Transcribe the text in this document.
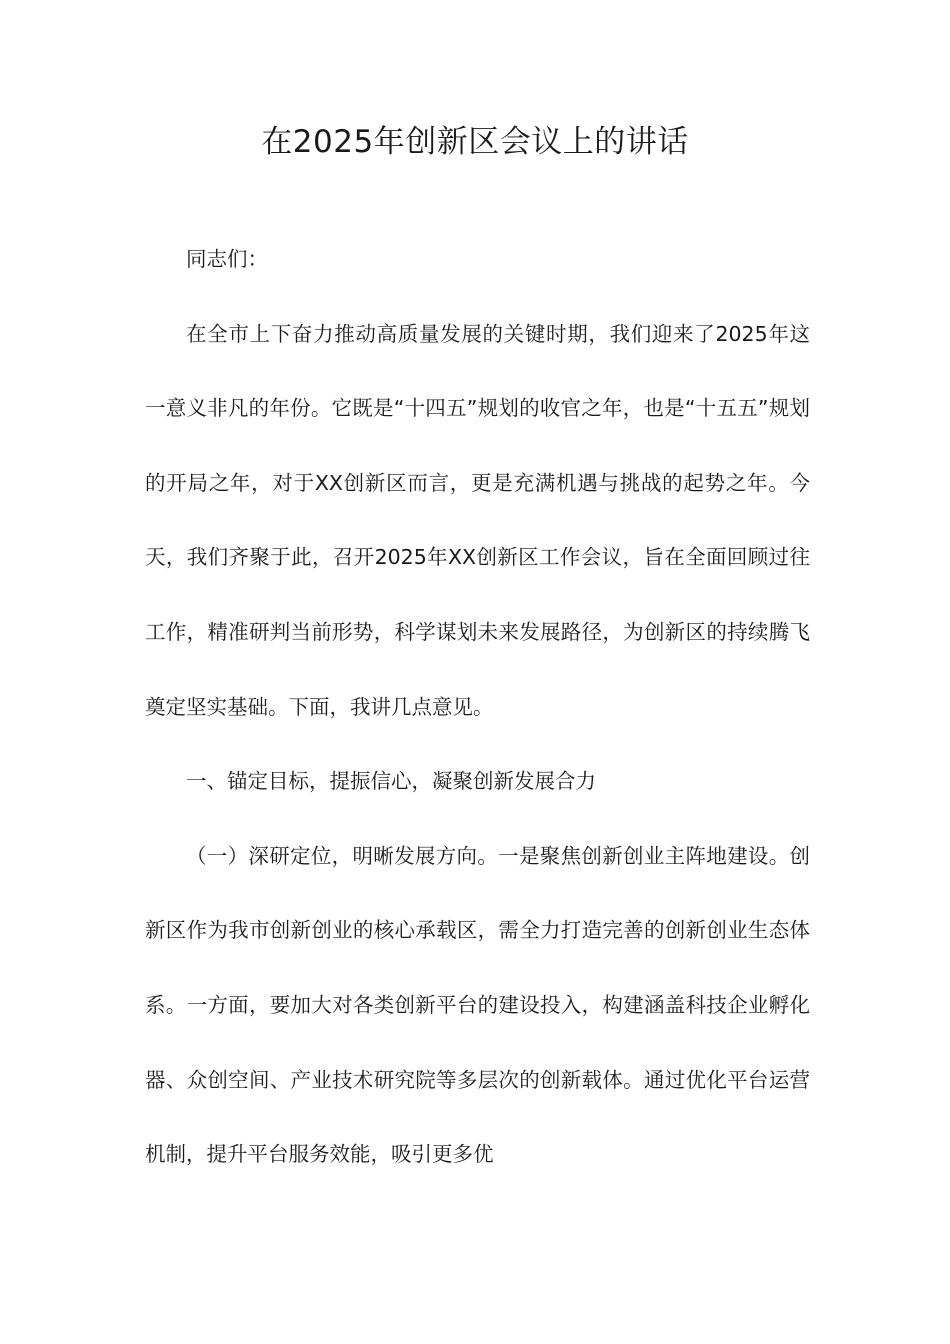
在2025年创新区会议上的讲话

同志们：

在全市上下奋力推动高质量发展的关键时期，我们迎来了2025年这一意义非凡的年份。它既是“十四五”规划的收官之年，也是“十五五”规划的开局之年，对于XX创新区而言，更是充满机遇与挑战的起势之年。今天，我们齐聚于此，召开2025年XX创新区工作会议，旨在全面回顾过往工作，精准研判当前形势，科学谋划未来发展路径，为创新区的持续腾飞奠定坚实基础。下面，我讲几点意见。

一、锚定目标，提振信心，凝聚创新发展合力

（一）深研定位，明晰发展方向。一是聚焦创新创业主阵地建设。创新区作为我市创新创业的核心承载区，需全力打造完善的创新创业生态体系。一方面，要加大对各类创新平台的建设投入，构建涵盖科技企业孵化器、众创空间、产业技术研究院等多层次的创新载体。通过优化平台运营机制，提升平台服务效能，吸引更多优
